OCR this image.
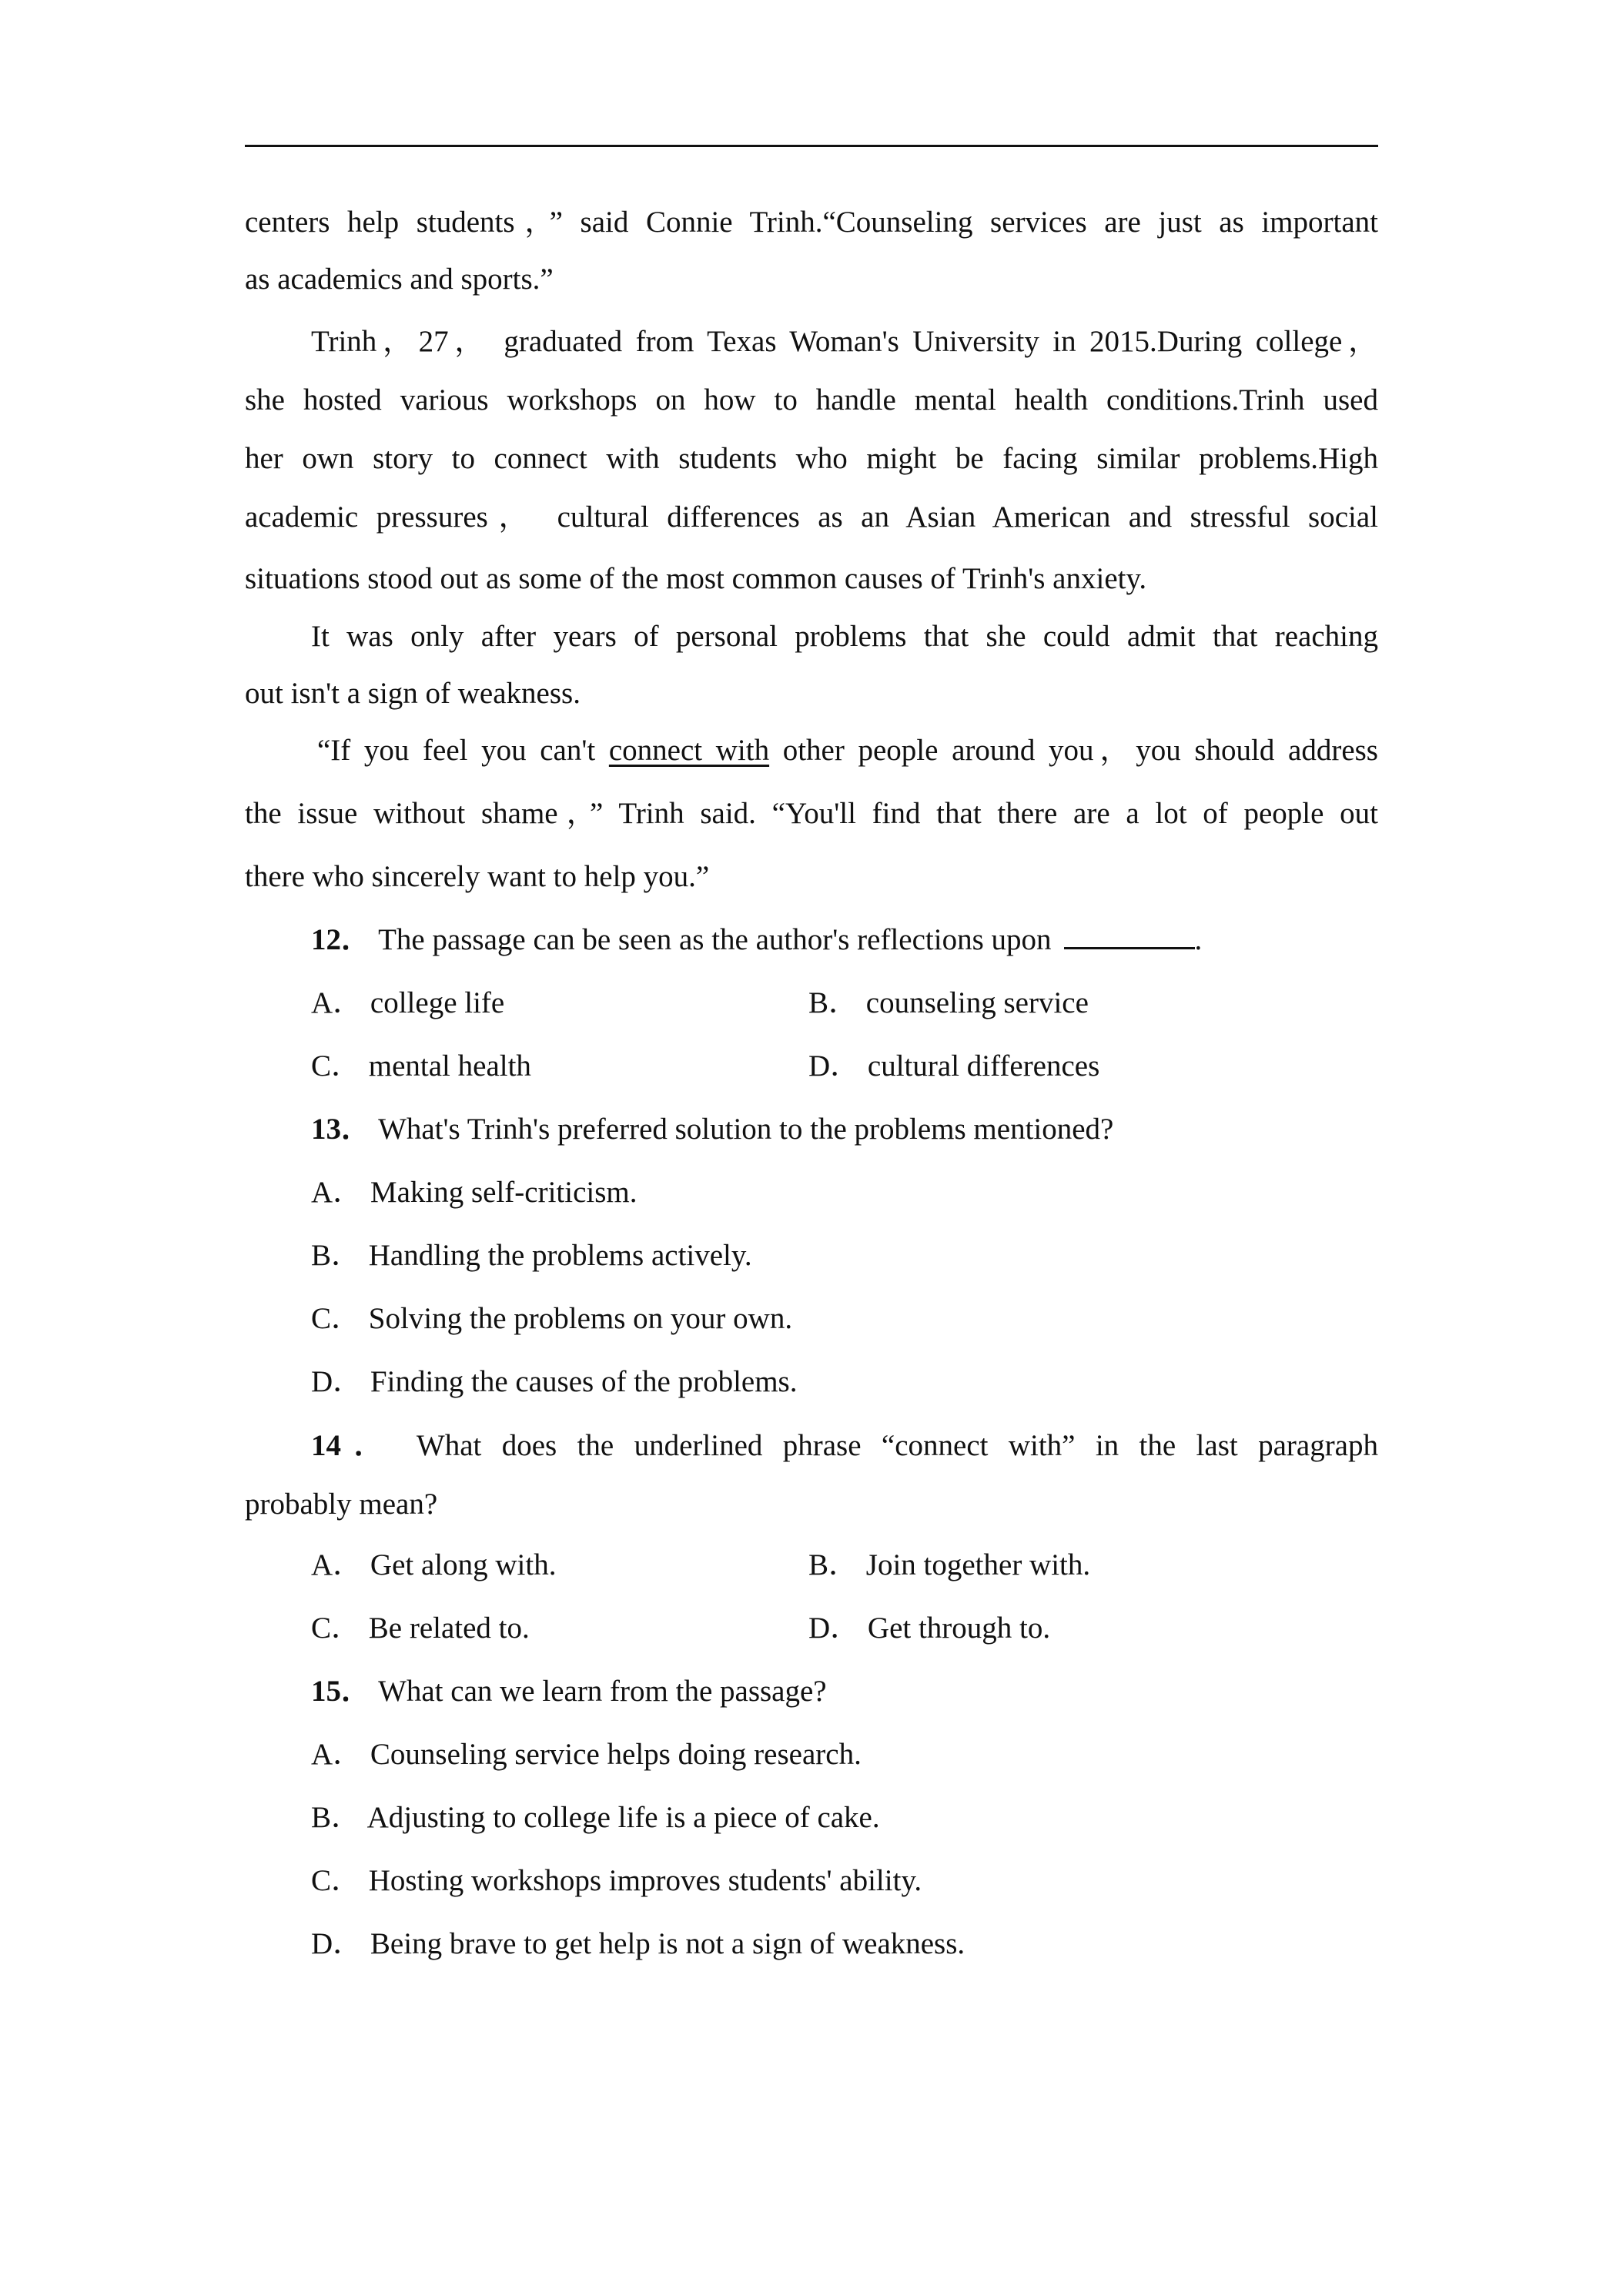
centers help students，” said Connie Trinh.“Counseling services are just as important
as academics and sports.”
Trinh，27， graduated from Texas Woman's University in 2015.During college，
she hosted various workshops on how to handle mental health conditions.Trinh used
her own story to connect with students who might be facing similar problems.High
academic pressures， cultural differences as an Asian American and stressful social
situations stood out as some of the most common causes of Trinh's anxiety.
It was only after years of personal problems that she could admit that reaching
out isn't a sign of weakness.
“If you feel you can't connect with other people around you，you should address
the issue without shame，” Trinh said. “You'll find that there are a lot of people out
there who sincerely want to help you.”
12． The passage can be seen as the author's reflections upon	.
A． college life	B． counseling service
C． mental health	D． cultural differences
13． What's Trinh's preferred solution to the problems mentioned?
A． Making self-criticism.
B． Handling the problems actively.
C． Solving the problems on your own.
D． Finding the causes of the problems.
14． What does the underlined phrase “connect with” in the last paragraph
probably mean?
A． Get along with.	B． Join together with.
C． Be related to.	D． Get through to.
15． What can we learn from the passage?
A． Counseling service helps doing research.
B． Adjusting to college life is a piece of cake.
C． Hosting workshops improves students' ability.
D． Being brave to get help is not a sign of weakness.
